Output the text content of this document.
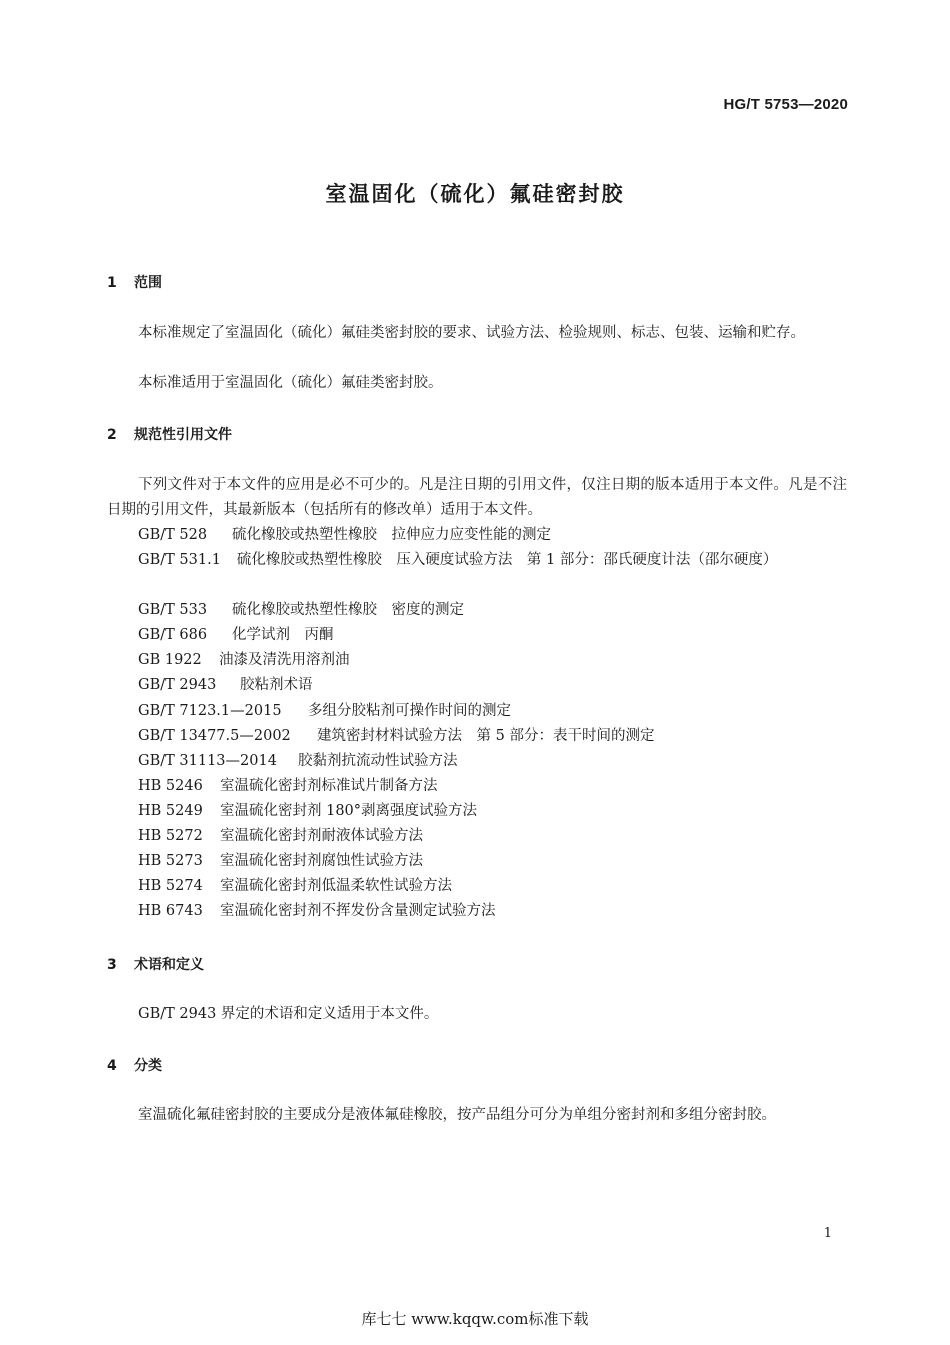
HG/T 5753—2020
室温固化（硫化）氟硅密封胶
1 范围
本标准规定了室温固化（硫化）氟硅类密封胶的要求、试验方法、检验规则、标志、包装、运输和贮存。
本标准适用于室温固化（硫化）氟硅类密封胶。
2 规范性引用文件
下列文件对于本文件的应用是必不可少的。凡是注日期的引用文件，仅注日期的版本适用于本文件。凡是不注日期的引用文件，其最新版本（包括所有的修改单）适用于本文件。
GB/T 528 硫化橡胶或热塑性橡胶　拉伸应力应变性能的测定
GB/T 531.1 硫化橡胶或热塑性橡胶　压入硬度试验方法　第 1 部分：邵氏硬度计法（邵尔硬度）
GB/T 533 硫化橡胶或热塑性橡胶　密度的测定
GB/T 686 化学试剂　丙酮
GB 1922 油漆及清洗用溶剂油
GB/T 2943 胶粘剂术语
GB/T 7123.1—2015 多组分胶粘剂可操作时间的测定
GB/T 13477.5—2002 建筑密封材料试验方法　第 5 部分：表干时间的测定
GB/T 31113—2014 胶黏剂抗流动性试验方法
HB 5246 室温硫化密封剂标准试片制备方法
HB 5249 室温硫化密封剂 180°剥离强度试验方法
HB 5272 室温硫化密封剂耐液体试验方法
HB 5273 室温硫化密封剂腐蚀性试验方法
HB 5274 室温硫化密封剂低温柔软性试验方法
HB 6743 室温硫化密封剂不挥发份含量测定试验方法
3 术语和定义
GB/T 2943 界定的术语和定义适用于本文件。
4 分类
室温硫化氟硅密封胶的主要成分是液体氟硅橡胶，按产品组分可分为单组分密封剂和多组分密封胶。
1
库七七 www.kqqw.com标准下载
